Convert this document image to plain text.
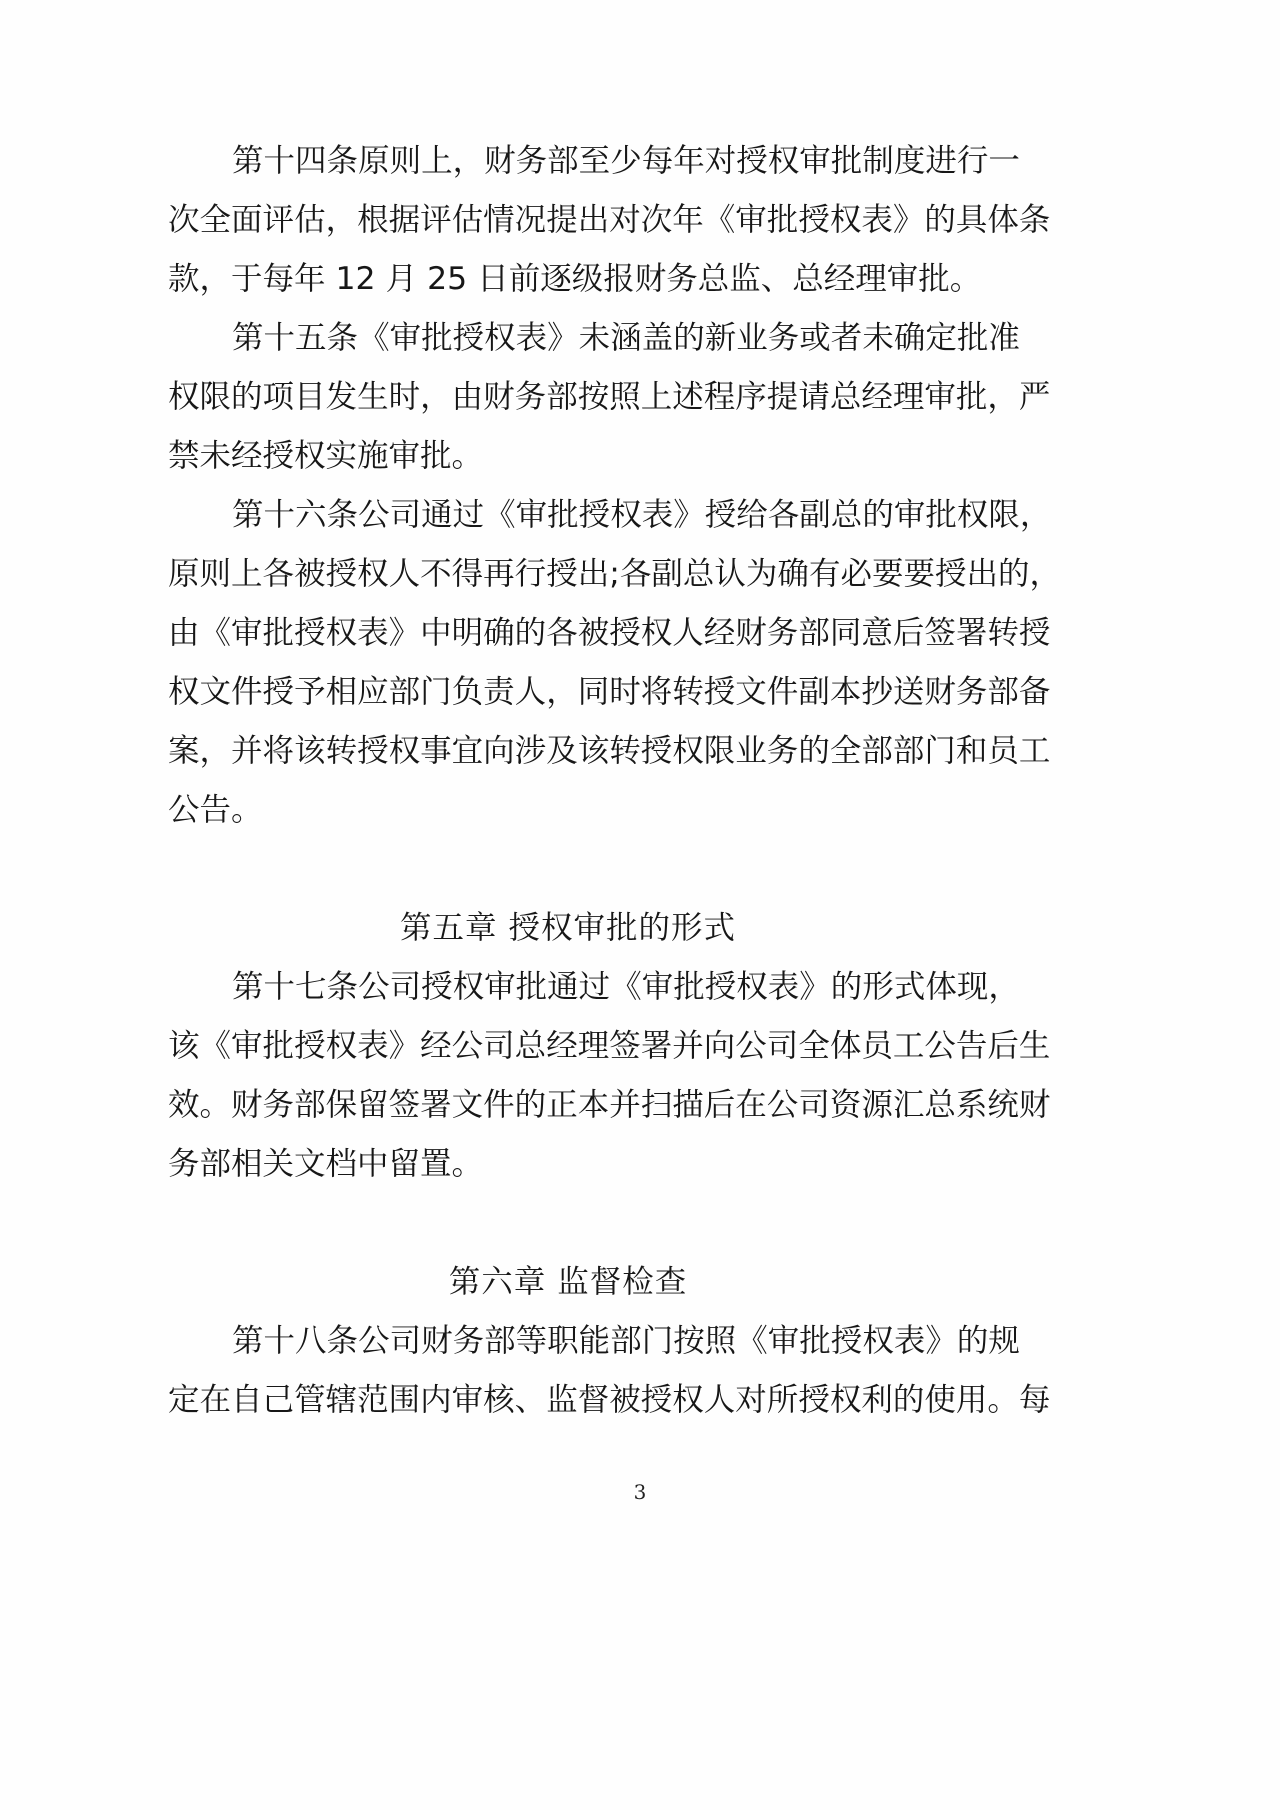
第 十 四 条 原 则 上 ， 财 务 部 至 少 每 年 对 授 权 审 批 制 度 进 行 一
次 全 面 评 估 ， 根 据 评 估 情 况 提 出 对 次 年 《 审 批 授 权 表 》 的 具 体 条
款，于每年 12 月 25 日前逐级报财务总监、总经理审批。
第 十 五 条 《 审 批 授 权 表 》 未 涵 盖 的 新 业 务 或 者 未 确 定 批 准
权 限 的 项 目 发 生 时 ， 由 财 务 部 按 照 上 述 程 序 提 请 总 经 理 审 批 ， 严
禁未经授权实施审批。
第 十 六 条 公 司 通 过 《 审 批 授 权 表 》 授 给 各 副 总 的 审 批 权 限 ，
原 则 上 各 被 授 权 人 不 得 再 行 授 出 ; 各 副 总 认 为 确 有 必 要 要 授 出 的 ，
由 《 审 批 授 权 表 》 中 明 确 的 各 被 授 权 人 经 财 务 部 同 意 后 签 署 转 授
权 文 件 授 予 相 应 部 门 负 责 人 ， 同 时 将 转 授 文 件 副 本 抄 送 财 务 部 备
案 ， 并 将 该 转 授 权 事 宜 向 涉 及 该 转 授 权 限 业 务 的 全 部 部 门 和 员 工
公告。
第五章 授权审批的形式
第 十 七 条 公 司 授 权 审 批 通 过 《 审 批 授 权 表 》 的 形 式 体 现 ，
该 《 审 批 授 权 表 》 经 公 司 总 经 理 签 署 并 向 公 司 全 体 员 工 公 告 后 生
效 。 财 务 部 保 留 签 署 文 件 的 正 本 并 扫 描 后 在 公 司 资 源 汇 总 系 统 财
务部相关文档中留置。
第六章 监督检查
第 十 八 条 公 司 财 务 部 等 职 能 部 门 按 照 《 审 批 授 权 表 》 的 规
定 在 自 己 管 辖 范 围 内 审 核 、 监 督 被 授 权 人 对 所 授 权 利 的 使 用 。 每
3
